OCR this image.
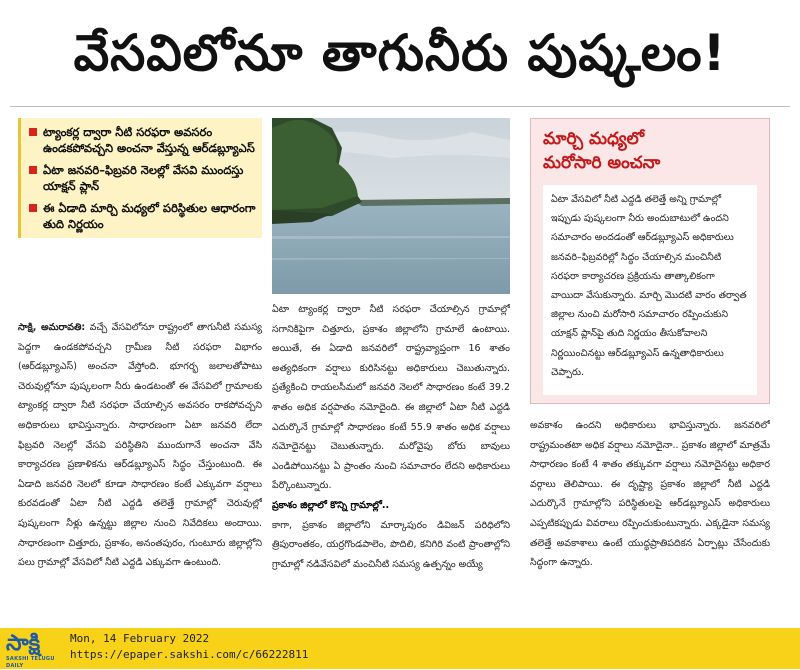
వేసవిలోనూ తాగునీరు పుష్కలం!
ట్యాంకర్ల ద్వారా నీటి సరఫరా అవసరం ఉండకపోవచ్చని అంచనా వేస్తున్న ఆర్‌డబ్ల్యూఎస్
ఏటా జనవరి–ఫిబ్రవరి నెలల్లో వేసవి ముందస్తు యాక్షన్‌ ప్లాన్‌
ఈ ఏడాది మార్చి మధ్యలో పరిస్థితుల ఆధారంగా తుది నిర్ణయం
మార్చి మధ్యలో
మరోసారి అంచనా
ఏటా వేసవిలో నీటి ఎద్దడి తలెత్తే అన్ని గ్రామాల్లో ఇప్పుడు పుష్కలంగా నీరు అందుబాటులో ఉందని సమాచారం అందడంతో ఆర్‌డబ్ల్యూఎస్‌ అధికారులు జనవరి–ఫిబ్రవరిల్లో సిద్ధం చేయాల్సిన మంచినీటి సరఫరా కార్యాచరణ ప్రక్రియను తాత్కాలికంగా వాయిదా వేసుకున్నారు. మార్చి మొదటి వారం తర్వాత జిల్లాల నుంచి మరోసారి సమాచారం రప్పించుకుని యాక్షన్‌ ప్లాన్‌పై తుది నిర్ణయం తీసుకోవాలని నిర్ణయించినట్టు ఆర్‌డబ్ల్యూఎస్‌ ఉన్నతాధికారులు చెప్పారు.
సాక్షి, అమరావతి: వచ్చే వేసవిలోనూ రాష్ట్రంలో తాగునీటి సమస్య పెద్దగా ఉండకపోవచ్చని గ్రామీణ నీటి సరఫరా విభాగం (ఆర్‌డబ్ల్యూఎస్‌) అంచనా వేస్తోంది. భూగర్భ జలాలతోపాటు చెరువుల్లోనూ పుష్కలంగా నీరు ఉండటంతో ఈ వేసవిలో గ్రామాలకు ట్యాంకర్ల ద్వారా నీటి సరఫరా చేయాల్సిన అవసరం రాకపోవచ్చని అధికారులు భావిస్తున్నారు. సాధారణంగా ఏటా జనవరి లేదా ఫిబ్రవరి నెలల్లో వేసవి పరిస్థితిని ముందుగానే అంచనా వేసి కార్యాచరణ ప్రణాళికను ఆర్‌డబ్ల్యూఎస్‌ సిద్ధం చేస్తుంటుంది. ఈ ఏడాది జనవరి నెలలో కూడా సాధారణం కంటే ఎక్కువగా వర్షాలు కురవడంతో ఏటా నీటి ఎద్దడి తలెత్తే గ్రామాల్లో చెరువుల్లో పుష్కలంగా నీళ్లు ఉన్నట్టు జిల్లాల నుంచి నివేదికలు అందాయి. సాధారణంగా చిత్తూరు, ప్రకాశం, అనంతపురం, గుంటూరు జిల్లాల్లోని పలు గ్రామాల్లో వేసవిలో నీటి ఎద్దడి ఎక్కువగా ఉంటుంది.
ఏటా ట్యాంకర్ల ద్వారా నీటి సరఫరా చేయాల్సిన గ్రామాల్లో సగానికిపైగా చిత్తూరు, ప్రకాశం జిల్లాలోని గ్రామాలే ఉంటాయి. అయితే, ఈ ఏడాది జనవరిలో రాష్ట్రవ్యాప్తంగా 16 శాతం అత్యధికంగా వర్షాలు కురిసినట్టు అధికారులు చెబుతున్నారు. ప్రత్యేకించి రాయలసీమలో జనవరి నెలలో సాధారణం కంటే 39.2 శాతం అధిక వర్షపాతం నమోదైంది. ఈ జిల్లాలో ఏటా నీటి ఎద్దడి ఎదుర్కొనే గ్రామాల్లో సాధారణం కంటే 55.9 శాతం అధిక వర్షాలు నమోదైనట్టు చెబుతున్నారు. మరోవైపు బోరు బావులు ఎండిపోయినట్టు ఏ ప్రాంతం నుంచి సమాచారం లేదని అధికారులు పేర్కొంటున్నారు.
ప్రకాశం జిల్లాలో కొన్ని గ్రామాల్లో..
కాగా, ప్రకాశం జిల్లాలోని మార్కాపురం డివిజన్‌ పరిధిలోని త్రిపురాంతకం, యర్రగొండపాలెం, పొదిలి, కనిగిరి వంటి ప్రాంతాల్లోని గ్రామాల్లో నడివేసవిలో మంచినీటి సమస్య ఉత్పన్నం అయ్యే
అవకాశం ఉందని అధికారులు భావిస్తున్నారు. జనవరిలో రాష్ట్రమంతటా అధిక వర్షాలు నమోదైనా.. ప్రకాశం జిల్లాలో మాత్రమే సాధారణం కంటే 4 శాతం తక్కువగా వర్షాలు నమోదైనట్టు అధికార వర్గాలు తెలిపాయి. ఈ దృష్ట్యా ప్రకాశం జిల్లాలో నీటి ఎద్దడి ఎదుర్కొనే గ్రామాల్లోని పరిస్థితులపై ఆర్‌డబ్ల్యూఎస్‌ అధికారులు ఎప్పటికప్పుడు వివరాలు రప్పించుకుంటున్నారు. ఎక్కడైనా సమస్య తలెత్తే అవకాశాలు ఉంటే యుద్ధప్రాతిపదికన ఏర్పాట్లు చేసేందుకు సిద్ధంగా ఉన్నారు.
సాక్షి
SAKSHI TELUGU DAILY
Mon, 14 February 2022
https://epaper.sakshi.com/c/66222811
